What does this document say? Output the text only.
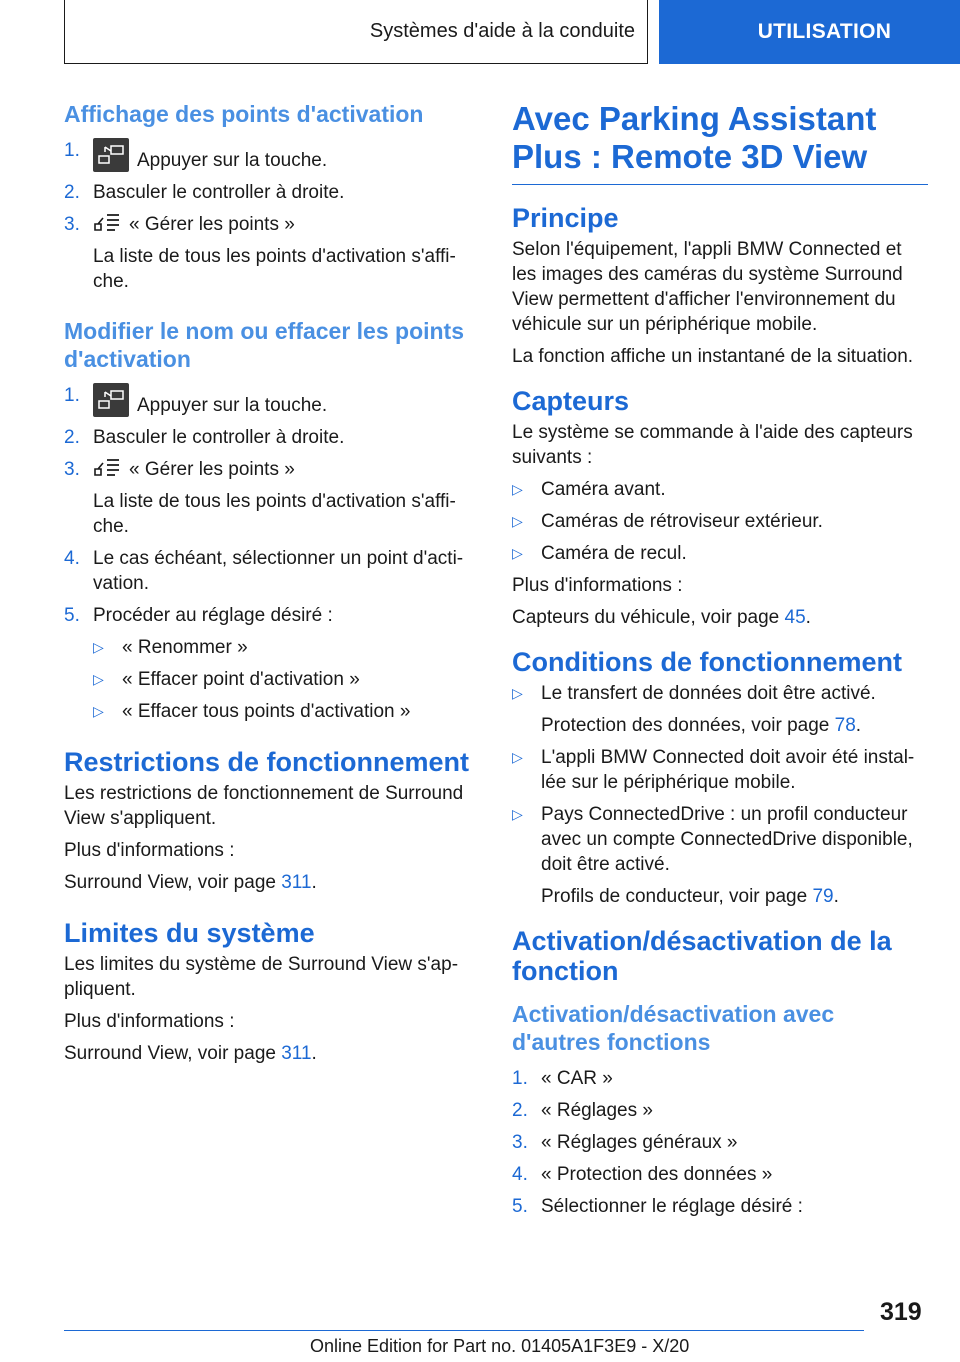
Systèmes d'aide à la conduite	UTILISATION
Affichage des points d'activation
1.	Appuyer sur la touche.
2. Basculer le controller à droite.
3.	« Gérer les points »
La liste de tous les points d'activation s'affi-che.
Modifier le nom ou effacer les points d'activation
1.	Appuyer sur la touche.
2. Basculer le controller à droite.
3.	« Gérer les points »
La liste de tous les points d'activation s'affi-che.
4. Le cas échéant, sélectionner un point d'acti-vation.
5. Procéder au réglage désiré :
▷ « Renommer »
▷ « Effacer point d'activation »
▷ « Effacer tous points d'activation »
Restrictions de fonctionnement

Les restrictions de fonctionnement de Surround View s'appliquent.

Plus d'informations :

Surround View, voir page 311.

Limites du système

Les limites du système de Surround View s'ap-pliquent.

Plus d'informations :

Surround View, voir page 311.

Avec Parking Assistant Plus : Remote 3D View
Principe

Selon l'équipement, l'appli BMW Connected et les images des caméras du système Surround View permettent d'afficher l'environnement du véhicule sur un périphérique mobile.

La fonction affiche un instantané de la situation.

Capteurs

Le système se commande à l'aide des capteurs suivants :

▷ Caméra avant.
▷ Caméras de rétroviseur extérieur.
▷ Caméra de recul.

Plus d'informations :

Capteurs du véhicule, voir page 45.

Conditions de fonctionnement
▷ Le transfert de données doit être activé.
Protection des données, voir page 78.
▷ L'appli BMW Connected doit avoir été instal-lée sur le périphérique mobile.
▷ Pays ConnectedDrive : un profil conducteur avec un compte ConnectedDrive disponible, doit être activé.
Profils de conducteur, voir page 79.
Activation/désactivation de la fonction
Activation/désactivation avec d'autres fonctions
1. « CAR »
2. « Réglages »
3. « Réglages généraux »
4. « Protection des données »
5. Sélectionner le réglage désiré :
319
Online Edition for Part no. 01405A1F3E9 - X/20
